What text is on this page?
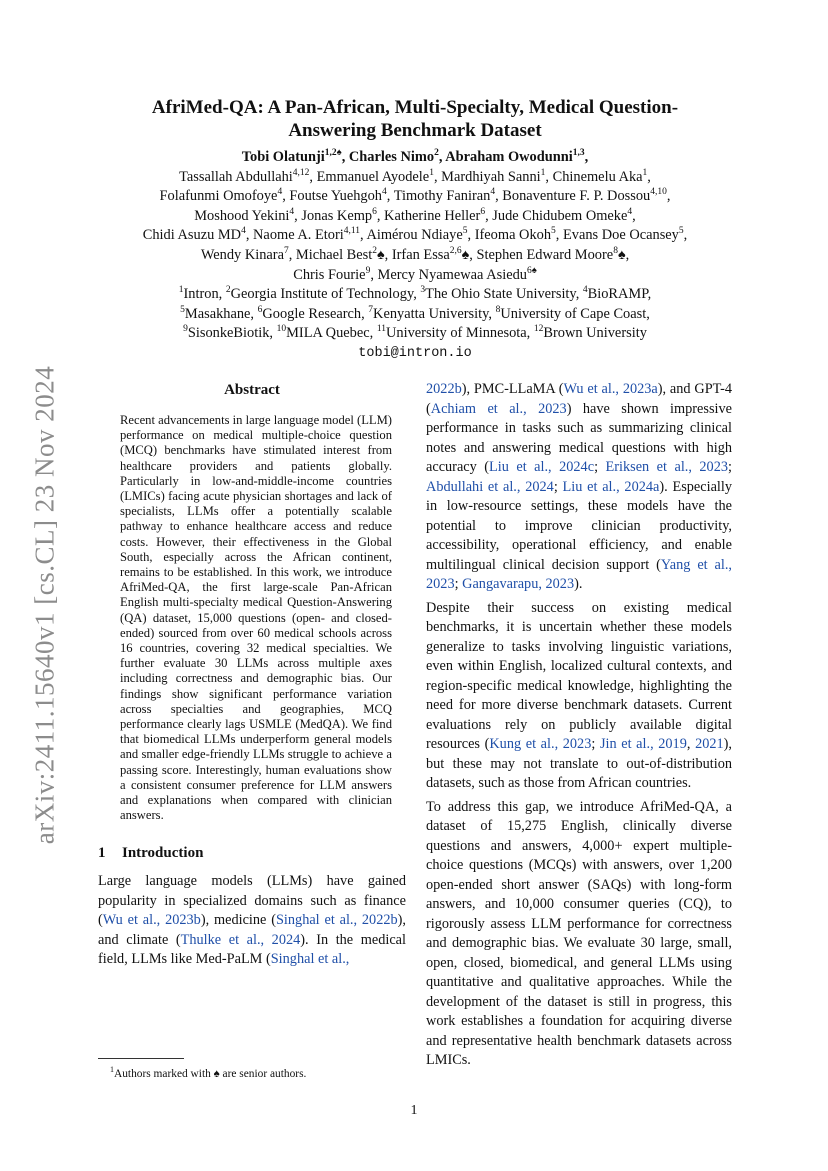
arXiv:2411.15640v1 [cs.CL] 23 Nov 2024
AfriMed-QA: A Pan-African, Multi-Specialty, Medical Question-Answering Benchmark Dataset
Tobi Olatunji$^{1,2♠}$, Charles Nimo$^2$, Abraham Owodunni$^{1,3}$,
Tassallah Abdullahi$^{4,12}$, Emmanuel Ayodele$^1$, Mardhiyah Sanni$^1$, Chinemelu Aka$^1$,
Folafunmi Omofoye$^4$, Foutse Yuehgoh$^4$, Timothy Faniran$^4$, Bonaventure F. P. Dossou$^{4,10}$,
Moshood Yekini$^4$, Jonas Kemp$^6$, Katherine Heller$^6$, Jude Chidubem Omeke$^4$,
Chidi Asuzu $MD^4$, Naome A. Etori$^{4,11}$, Aimérou Ndiaye$^5$, Ifeoma Okoh$^5$, Evans Doe Ocansey$^5$,
Wendy Kinara$^7$, Michael Best$^2$♠, Irfan Essa$^{2,6}$♠, Stephen Edward Moore$^8$♠,
Chris Fourie$^9$, Mercy Nyamewaa Asiedu$^{6♠}$
$^1$Intron, $^2$Georgia Institute of Technology, $^3$The Ohio State University, $^4$BioRAMP,
$^5$Masakhane, $^6$Google Research, $^7$Kenyatta University, $^8$University of Cape Coast,
$^9$SisonkeBiotik, $^{10}$MILA Quebec, $^{11}$University of Minnesota, $^{12}$Brown University
tobi@intron.io
Abstract

Recent advancements in large language model (LLM) performance on medical multiple-choice question (MCQ) benchmarks have stimulated interest from healthcare providers and patients globally. Particularly in low-and-middle-income countries (LMICs) facing acute physician shortages and lack of specialists, LLMs offer a potentially scalable pathway to enhance healthcare access and reduce costs. However, their effectiveness in the Global South, especially across the African continent, remains to be established. In this work, we introduce AfriMed-QA, the first large-scale Pan-African English multi-specialty medical Question-Answering (QA) dataset, 15,000 questions (open- and closed-ended) sourced from over 60 medical schools across 16 countries, covering 32 medical specialties. We further evaluate 30 LLMs across multiple axes including correctness and demographic bias. Our findings show significant performance variation across specialties and geographies, MCQ performance clearly lags USMLE (MedQA). We find that biomedical LLMs underperform general models and smaller edge-friendly LLMs struggle to achieve a passing score. Interestingly, human evaluations show a consistent consumer preference for LLM answers and explanations when compared with clinician answers.

1 Introduction

Large language models (LLMs) have gained popularity in specialized domains such as finance (Wu et al., 2023b), medicine (Singhal et al., 2022b), and climate (Thulke et al., 2024). In the medical field, LLMs like Med-PaLM (Singhal et al.,

2022b), PMC-LLaMA (Wu et al., 2023a), and GPT-4 (Achiam et al., 2023) have shown impressive performance in tasks such as summarizing clinical notes and answering medical questions with high accuracy (Liu et al., 2024c; Eriksen et al., 2023; Abdullahi et al., 2024; Liu et al., 2024a). Especially in low-resource settings, these models have the potential to improve clinician productivity, accessibility, operational efficiency, and enable multilingual clinical decision support (Yang et al., 2023; Gangavarapu, 2023).

Despite their success on existing medical benchmarks, it is uncertain whether these models generalize to tasks involving linguistic variations, even within English, localized cultural contexts, and region-specific medical knowledge, highlighting the need for more diverse benchmark datasets. Current evaluations rely on publicly available digital resources (Kung et al., 2023; Jin et al., 2019, 2021), but these may not translate to out-of-distribution datasets, such as those from African countries.

To address this gap, we introduce AfriMed-QA, a dataset of 15,275 English, clinically diverse questions and answers, 4,000+ expert multiple-choice questions (MCQs) with answers, over 1,200 open-ended short answer (SAQs) with long-form answers, and 10,000 consumer queries (CQ), to rigorously assess LLM performance for correctness and demographic bias. We evaluate 30 large, small, open, closed, biomedical, and general LLMs using quantitative and qualitative approaches. While the development of the dataset is still in progress, this work establishes a foundation for acquiring diverse and representative health benchmark datasets across LMICs.

$^1$Authors marked with ♠ are senior authors.
1
